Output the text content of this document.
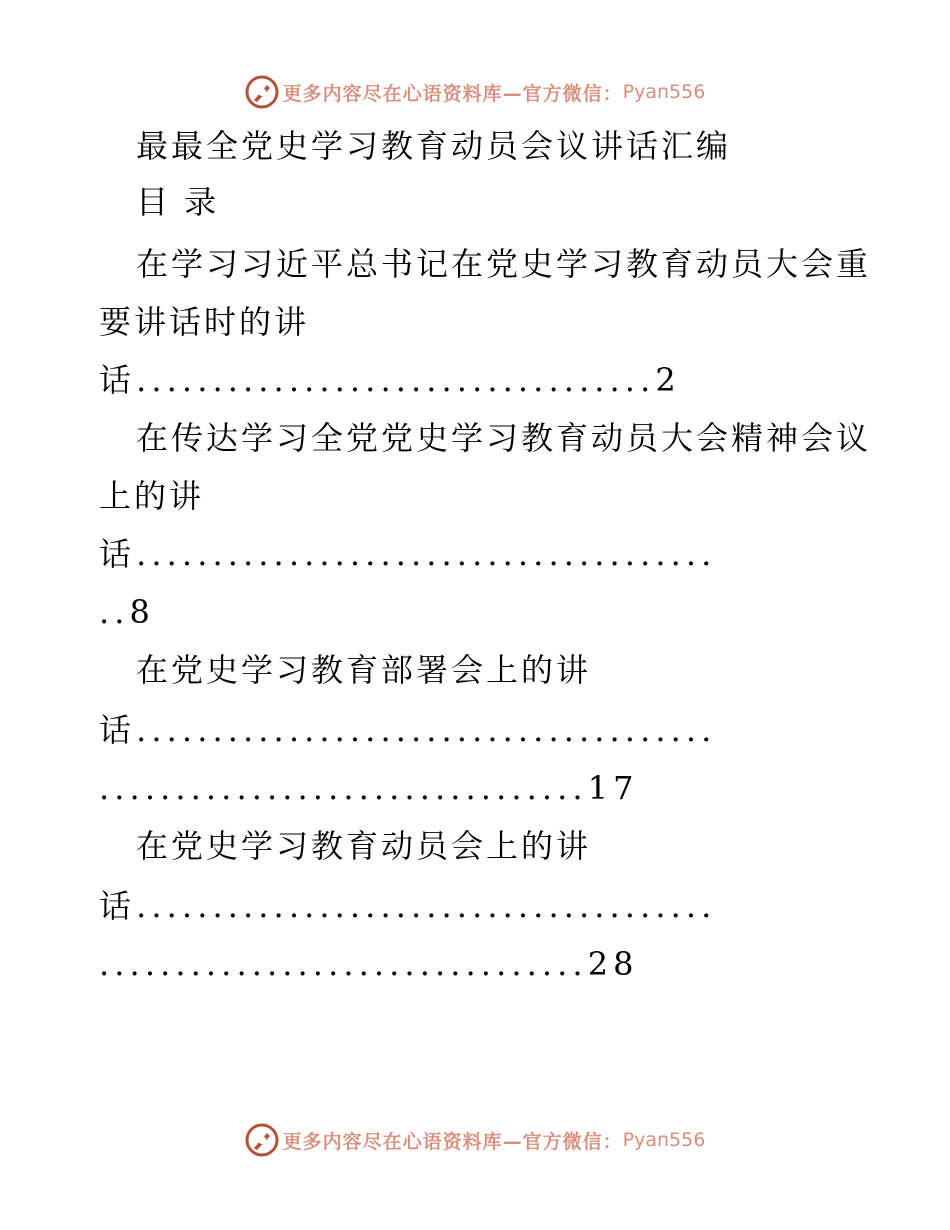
更多内容尽在心语资料库—官方微信： Pyan556
最最全党史学习教育动员会议讲话汇编
目 录
在学习习近平总书记在党史学习教育动员大会重
要讲话时的讲
话..................................2
在传达学习全党党史学习教育动员大会精神会议
上的讲
话......................................
..8
在党史学习教育部署会上的讲
话......................................
................................17
在党史学习教育动员会上的讲
话......................................
................................28
更多内容尽在心语资料库—官方微信： Pyan556
